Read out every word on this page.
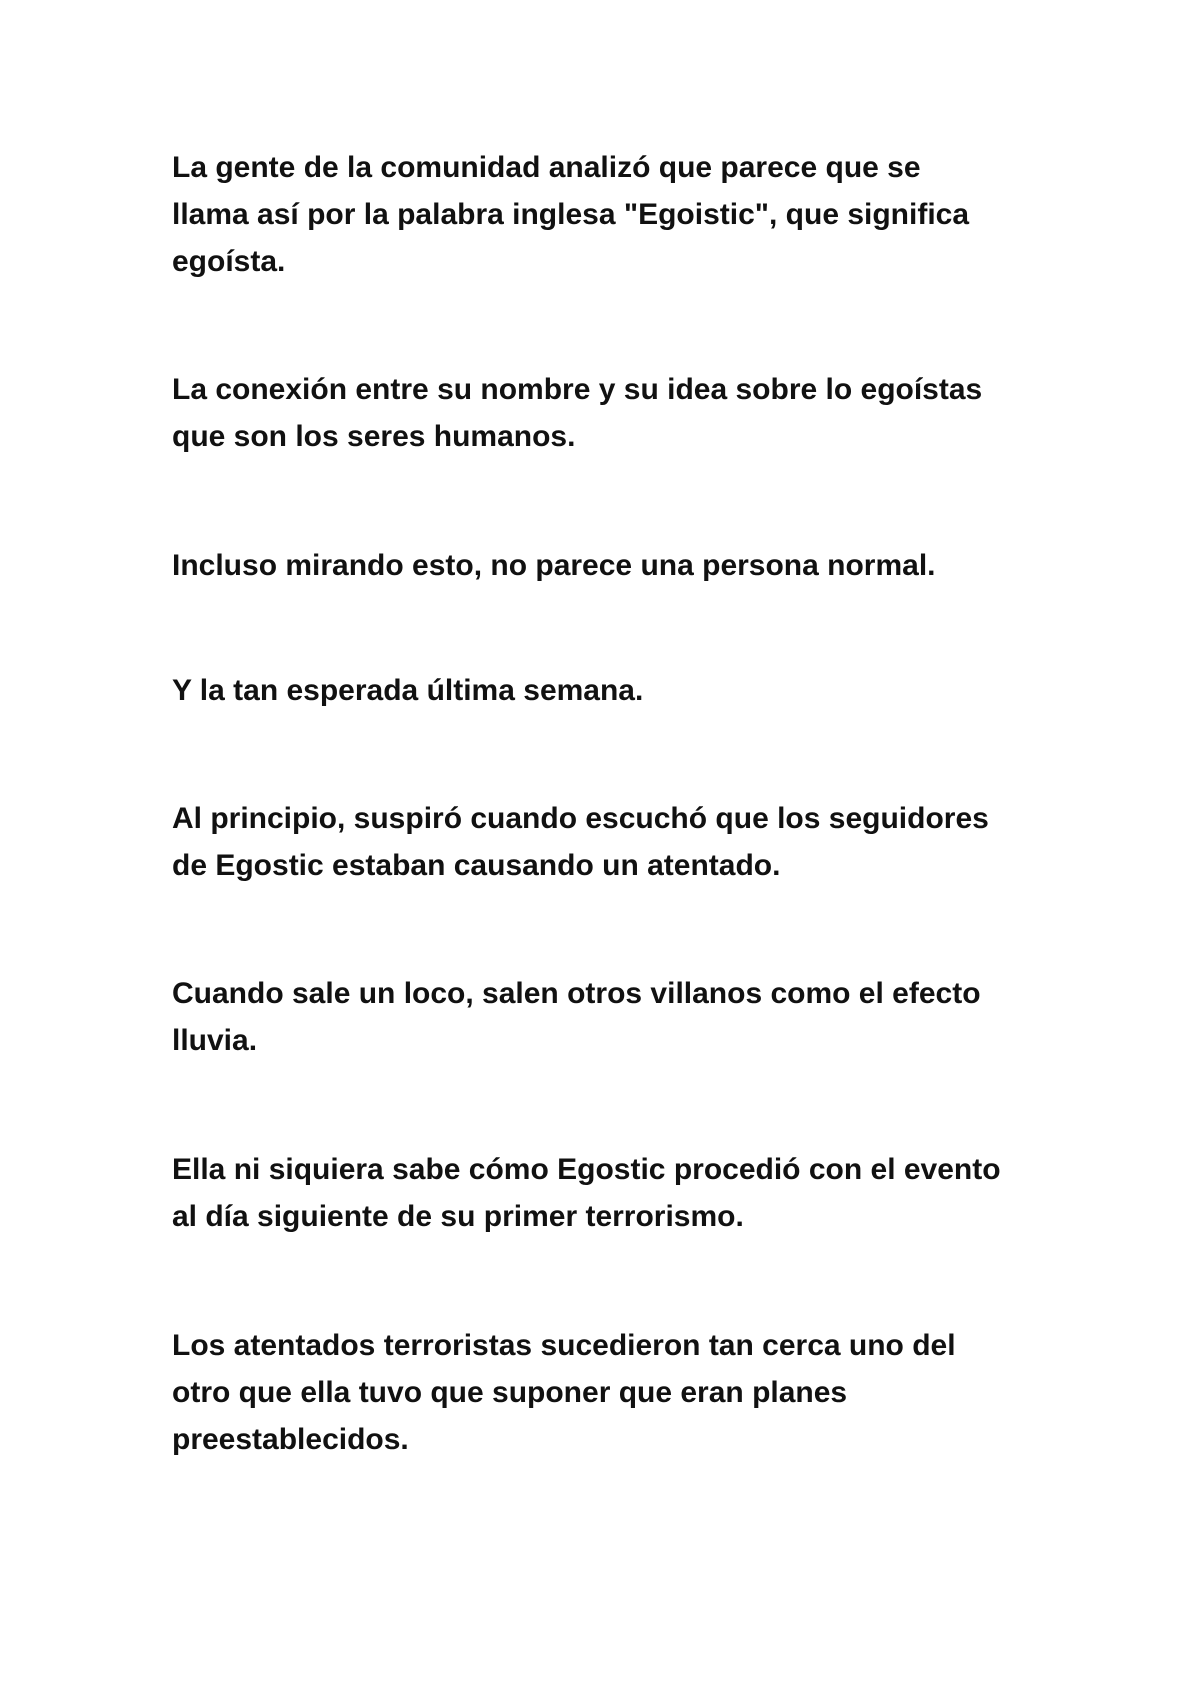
La gente de la comunidad analizó que parece que se
llama así por la palabra inglesa "Egoistic", que significa
egoísta.

La conexión entre su nombre y su idea sobre lo egoístas
que son los seres humanos.

Incluso mirando esto, no parece una persona normal.

Y la tan esperada última semana.

Al principio, suspiró cuando escuchó que los seguidores
de Egostic estaban causando un atentado.

Cuando sale un loco, salen otros villanos como el efecto
lluvia.

Ella ni siquiera sabe cómo Egostic procedió con el evento
al día siguiente de su primer terrorismo.

Los atentados terroristas sucedieron tan cerca uno del
otro que ella tuvo que suponer que eran planes
preestablecidos.
